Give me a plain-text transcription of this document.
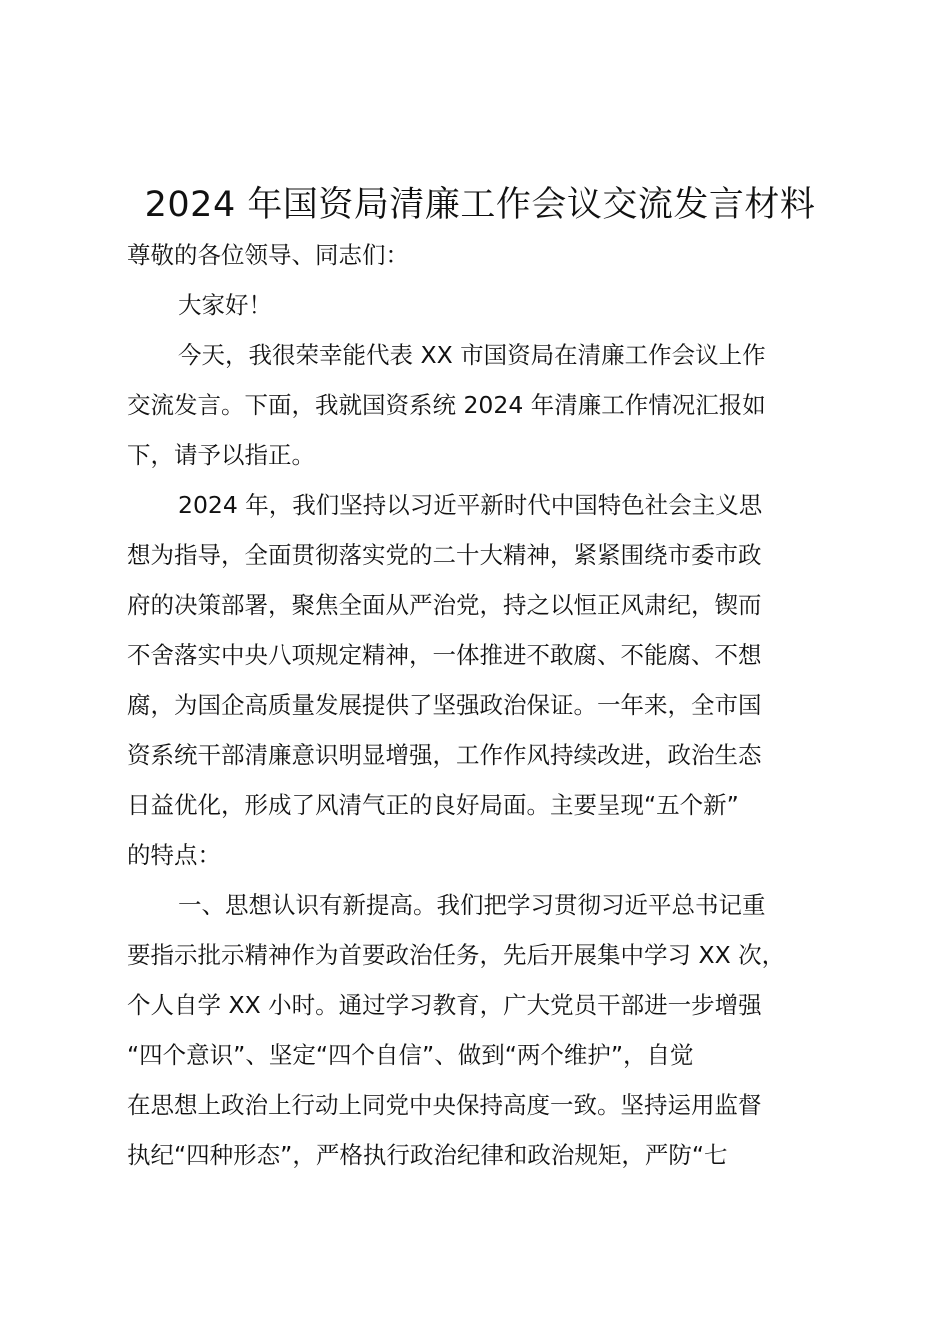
2024 年国资局清廉工作会议交流发言材料
尊敬的各位领导、同志们：
大家好！
今天，我很荣幸能代表 XX 市国资局在清廉工作会议上作
交流发言。下面，我就国资系统 2024 年清廉工作情况汇报如
下，请予以指正。
2024 年，我们坚持以习近平新时代中国特色社会主义思
想为指导，全面贯彻落实党的二十大精神，紧紧围绕市委市政
府的决策部署，聚焦全面从严治党，持之以恒正风肃纪，锲而
不舍落实中央八项规定精神，一体推进不敢腐、不能腐、不想
腐，为国企高质量发展提供了坚强政治保证。一年来，全市国
资系统干部清廉意识明显增强，工作作风持续改进，政治生态
日益优化，形成了风清气正的良好局面。主要呈现“五个新”
的特点：
一、思想认识有新提高。我们把学习贯彻习近平总书记重
要指示批示精神作为首要政治任务，先后开展集中学习 XX 次，
个人自学 XX 小时。通过学习教育，广大党员干部进一步增强
“四个意识”、坚定“四个自信”、做到“两个维护”，自觉
在思想上政治上行动上同党中央保持高度一致。坚持运用监督
执纪“四种形态”，严格执行政治纪律和政治规矩，严防“七
